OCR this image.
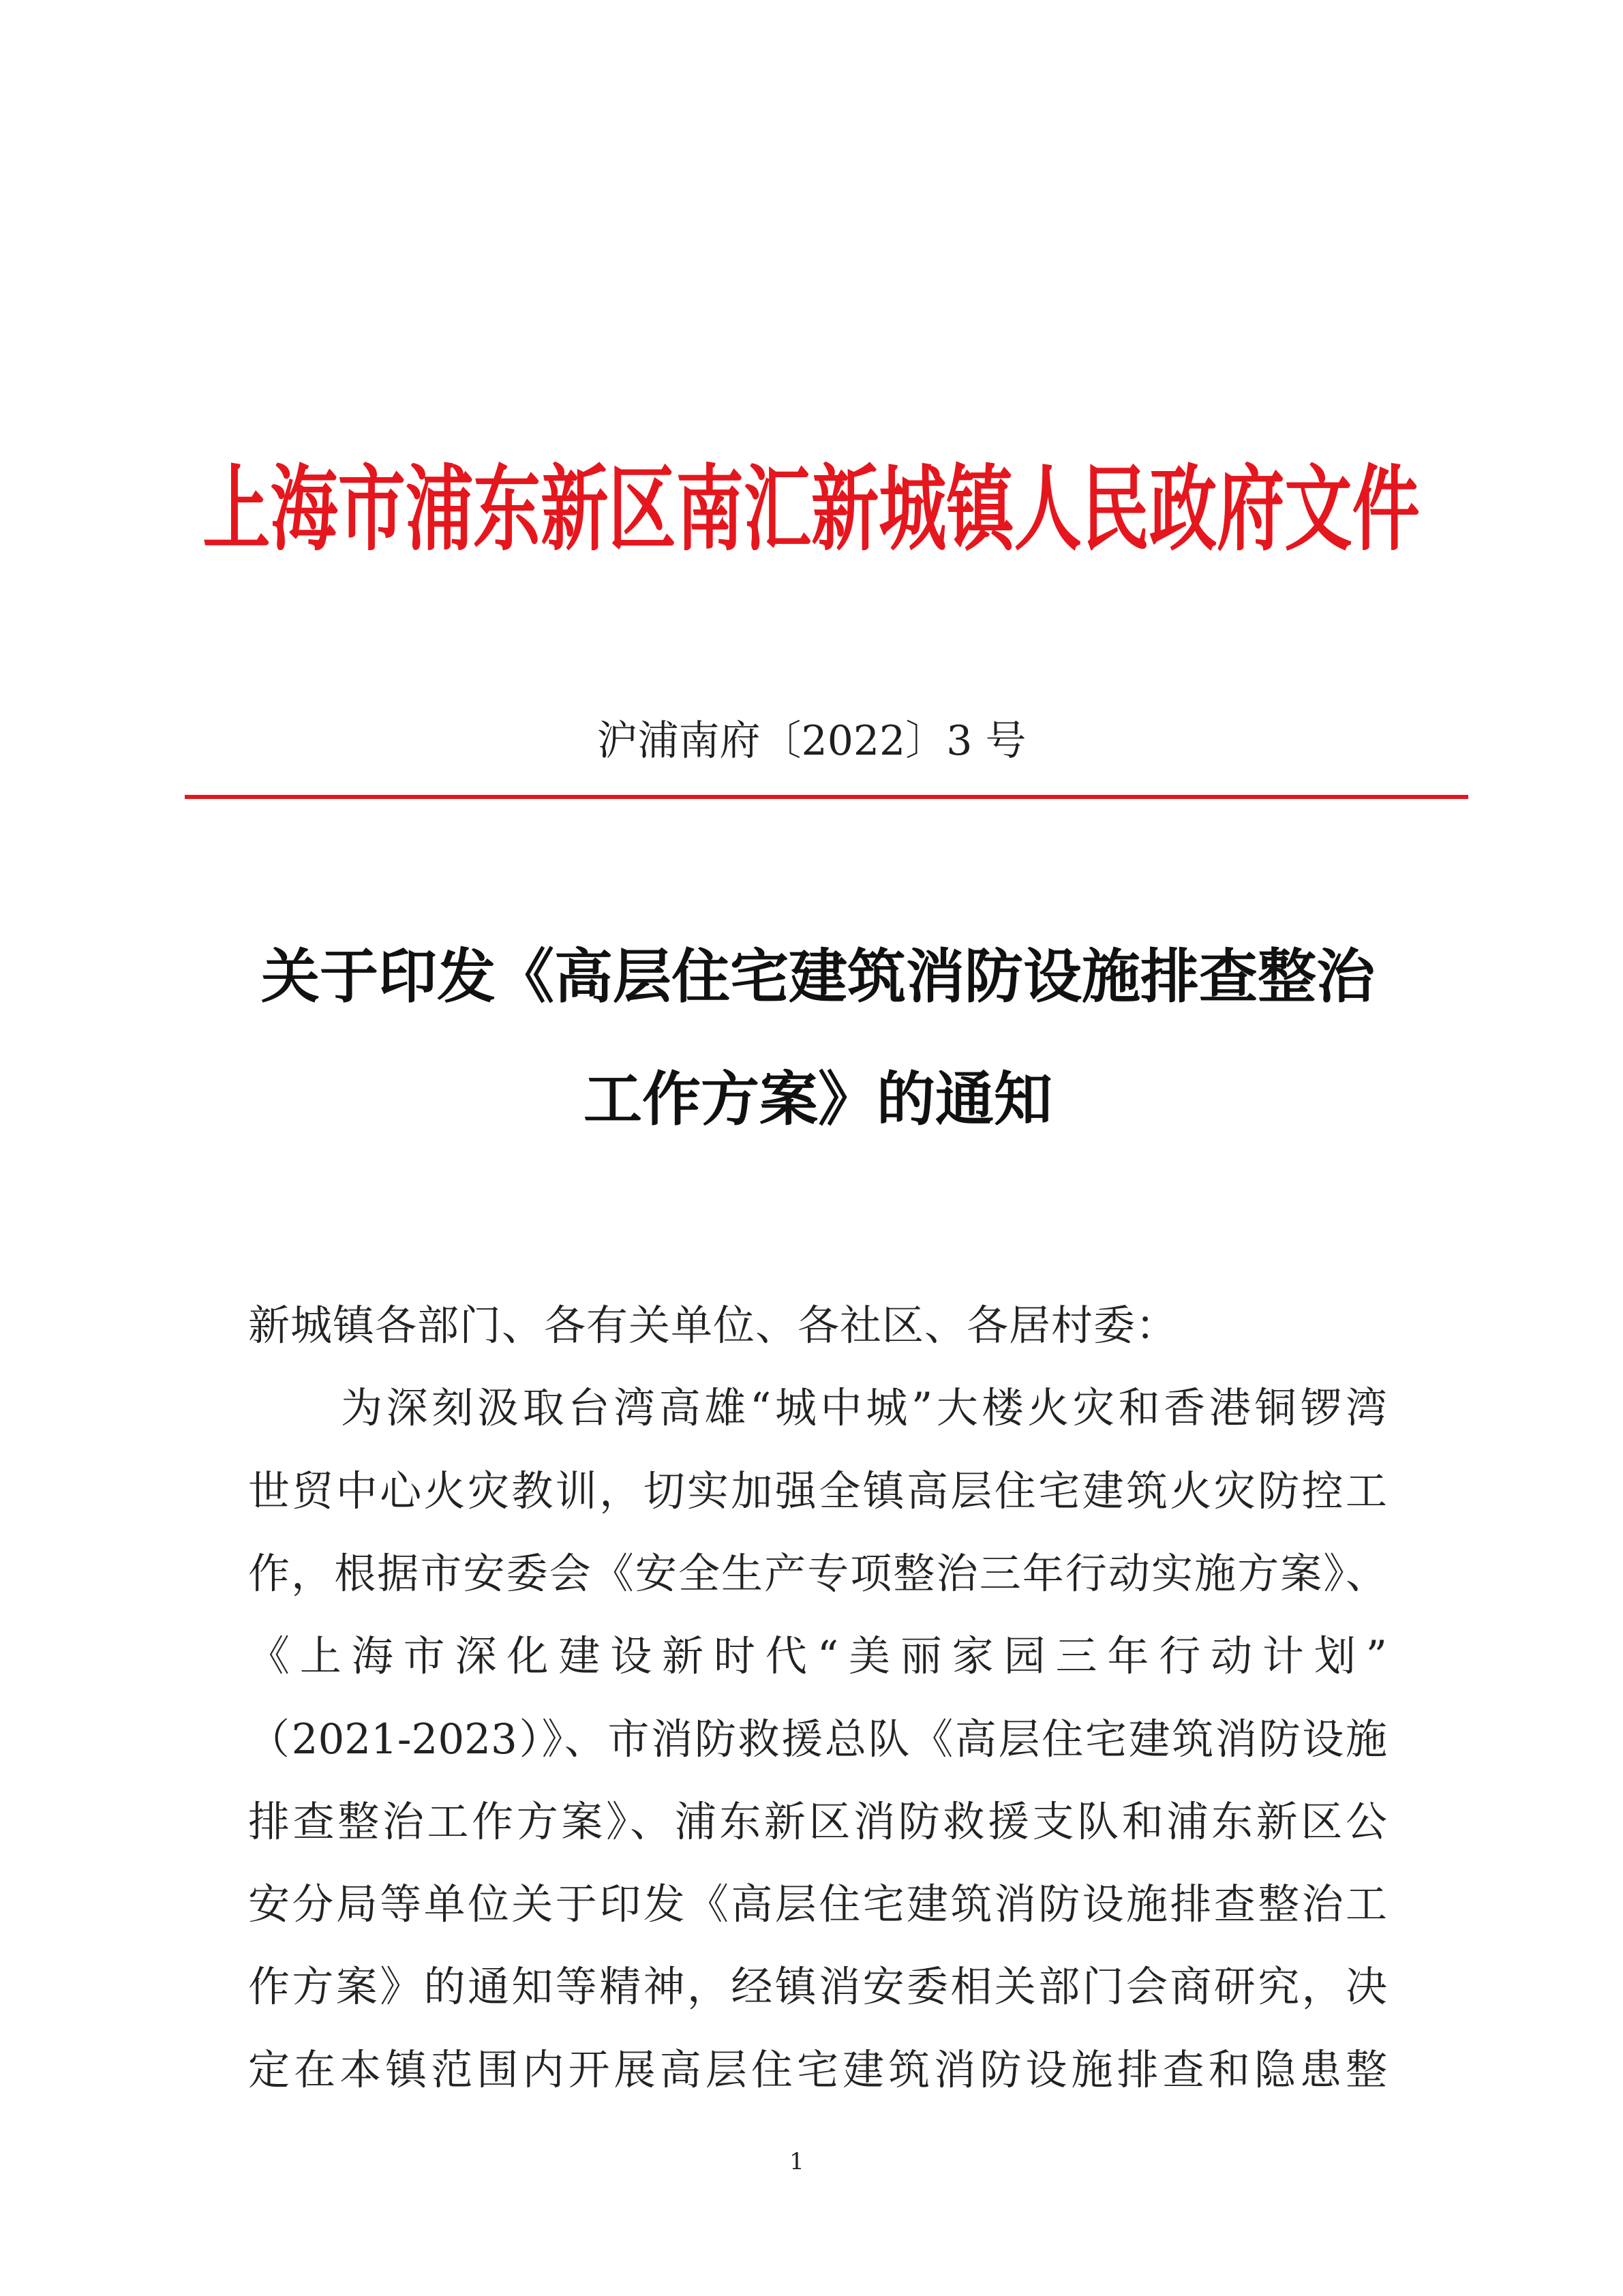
上海市浦东新区南汇新城镇人民政府文件
沪浦南府〔2022〕3 号
关于印发《高层住宅建筑消防设施排查整治
工作方案》的通知
新城镇各部门、各有关单位、各社区、各居村委：
为深刻汲取台湾高雄“城中城”大楼火灾和香港铜锣湾
世贸中心火灾教训，切实加强全镇高层住宅建筑火灾防控工
作，根据市安委会《安全生产专项整治三年行动实施方案》、
《上海市深化建设新时代“美丽家园三年行动计划”
（2021-2023）》、市消防救援总队《高层住宅建筑消防设施
排查整治工作方案》、浦东新区消防救援支队和浦东新区公
安分局等单位关于印发《高层住宅建筑消防设施排查整治工
作方案》的通知等精神，经镇消安委相关部门会商研究，决
定在本镇范围内开展高层住宅建筑消防设施排查和隐患整
1
